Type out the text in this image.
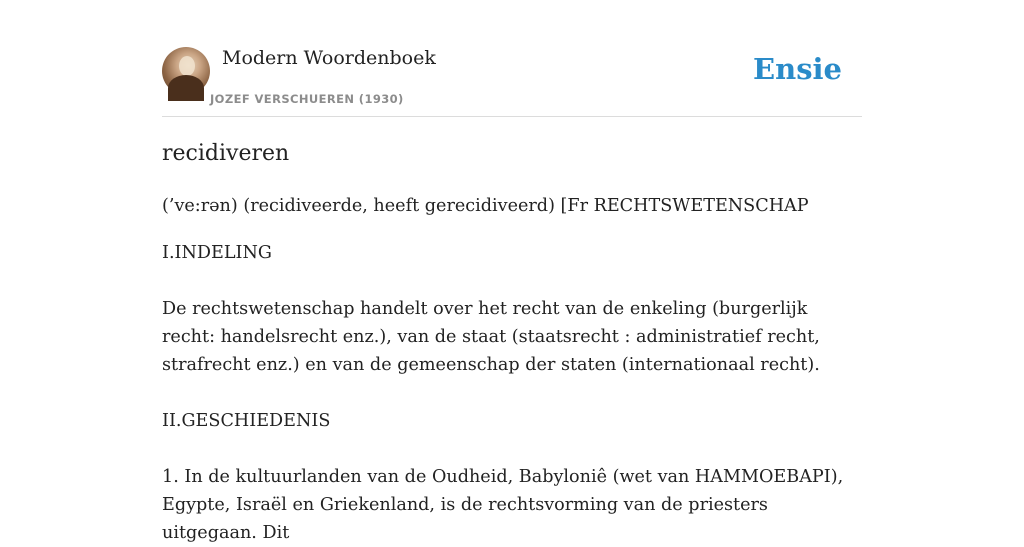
Modern Woordenboek
JOZEF VERSCHUEREN (1930)
Ensie
recidiveren

(’ve:rən) (recidiveerde, heeft gerecidiveerd) [Fr RECHTSWETENSCHAP

I.INDELING

De rechtswetenschap handelt over het recht van de enkeling (burgerlijk recht: handelsrecht enz.), van de staat (staatsrecht : administratief recht, strafrecht enz.) en van de gemeenschap der staten (internationaal recht).

II.GESCHIEDENIS

1. In de kultuurlanden van de Oudheid, Babyloniê (wet van HAMMOEBAPI), Egypte, Israël en Griekenland, is de rechtsvorming van de priesters uitgegaan. Dit
